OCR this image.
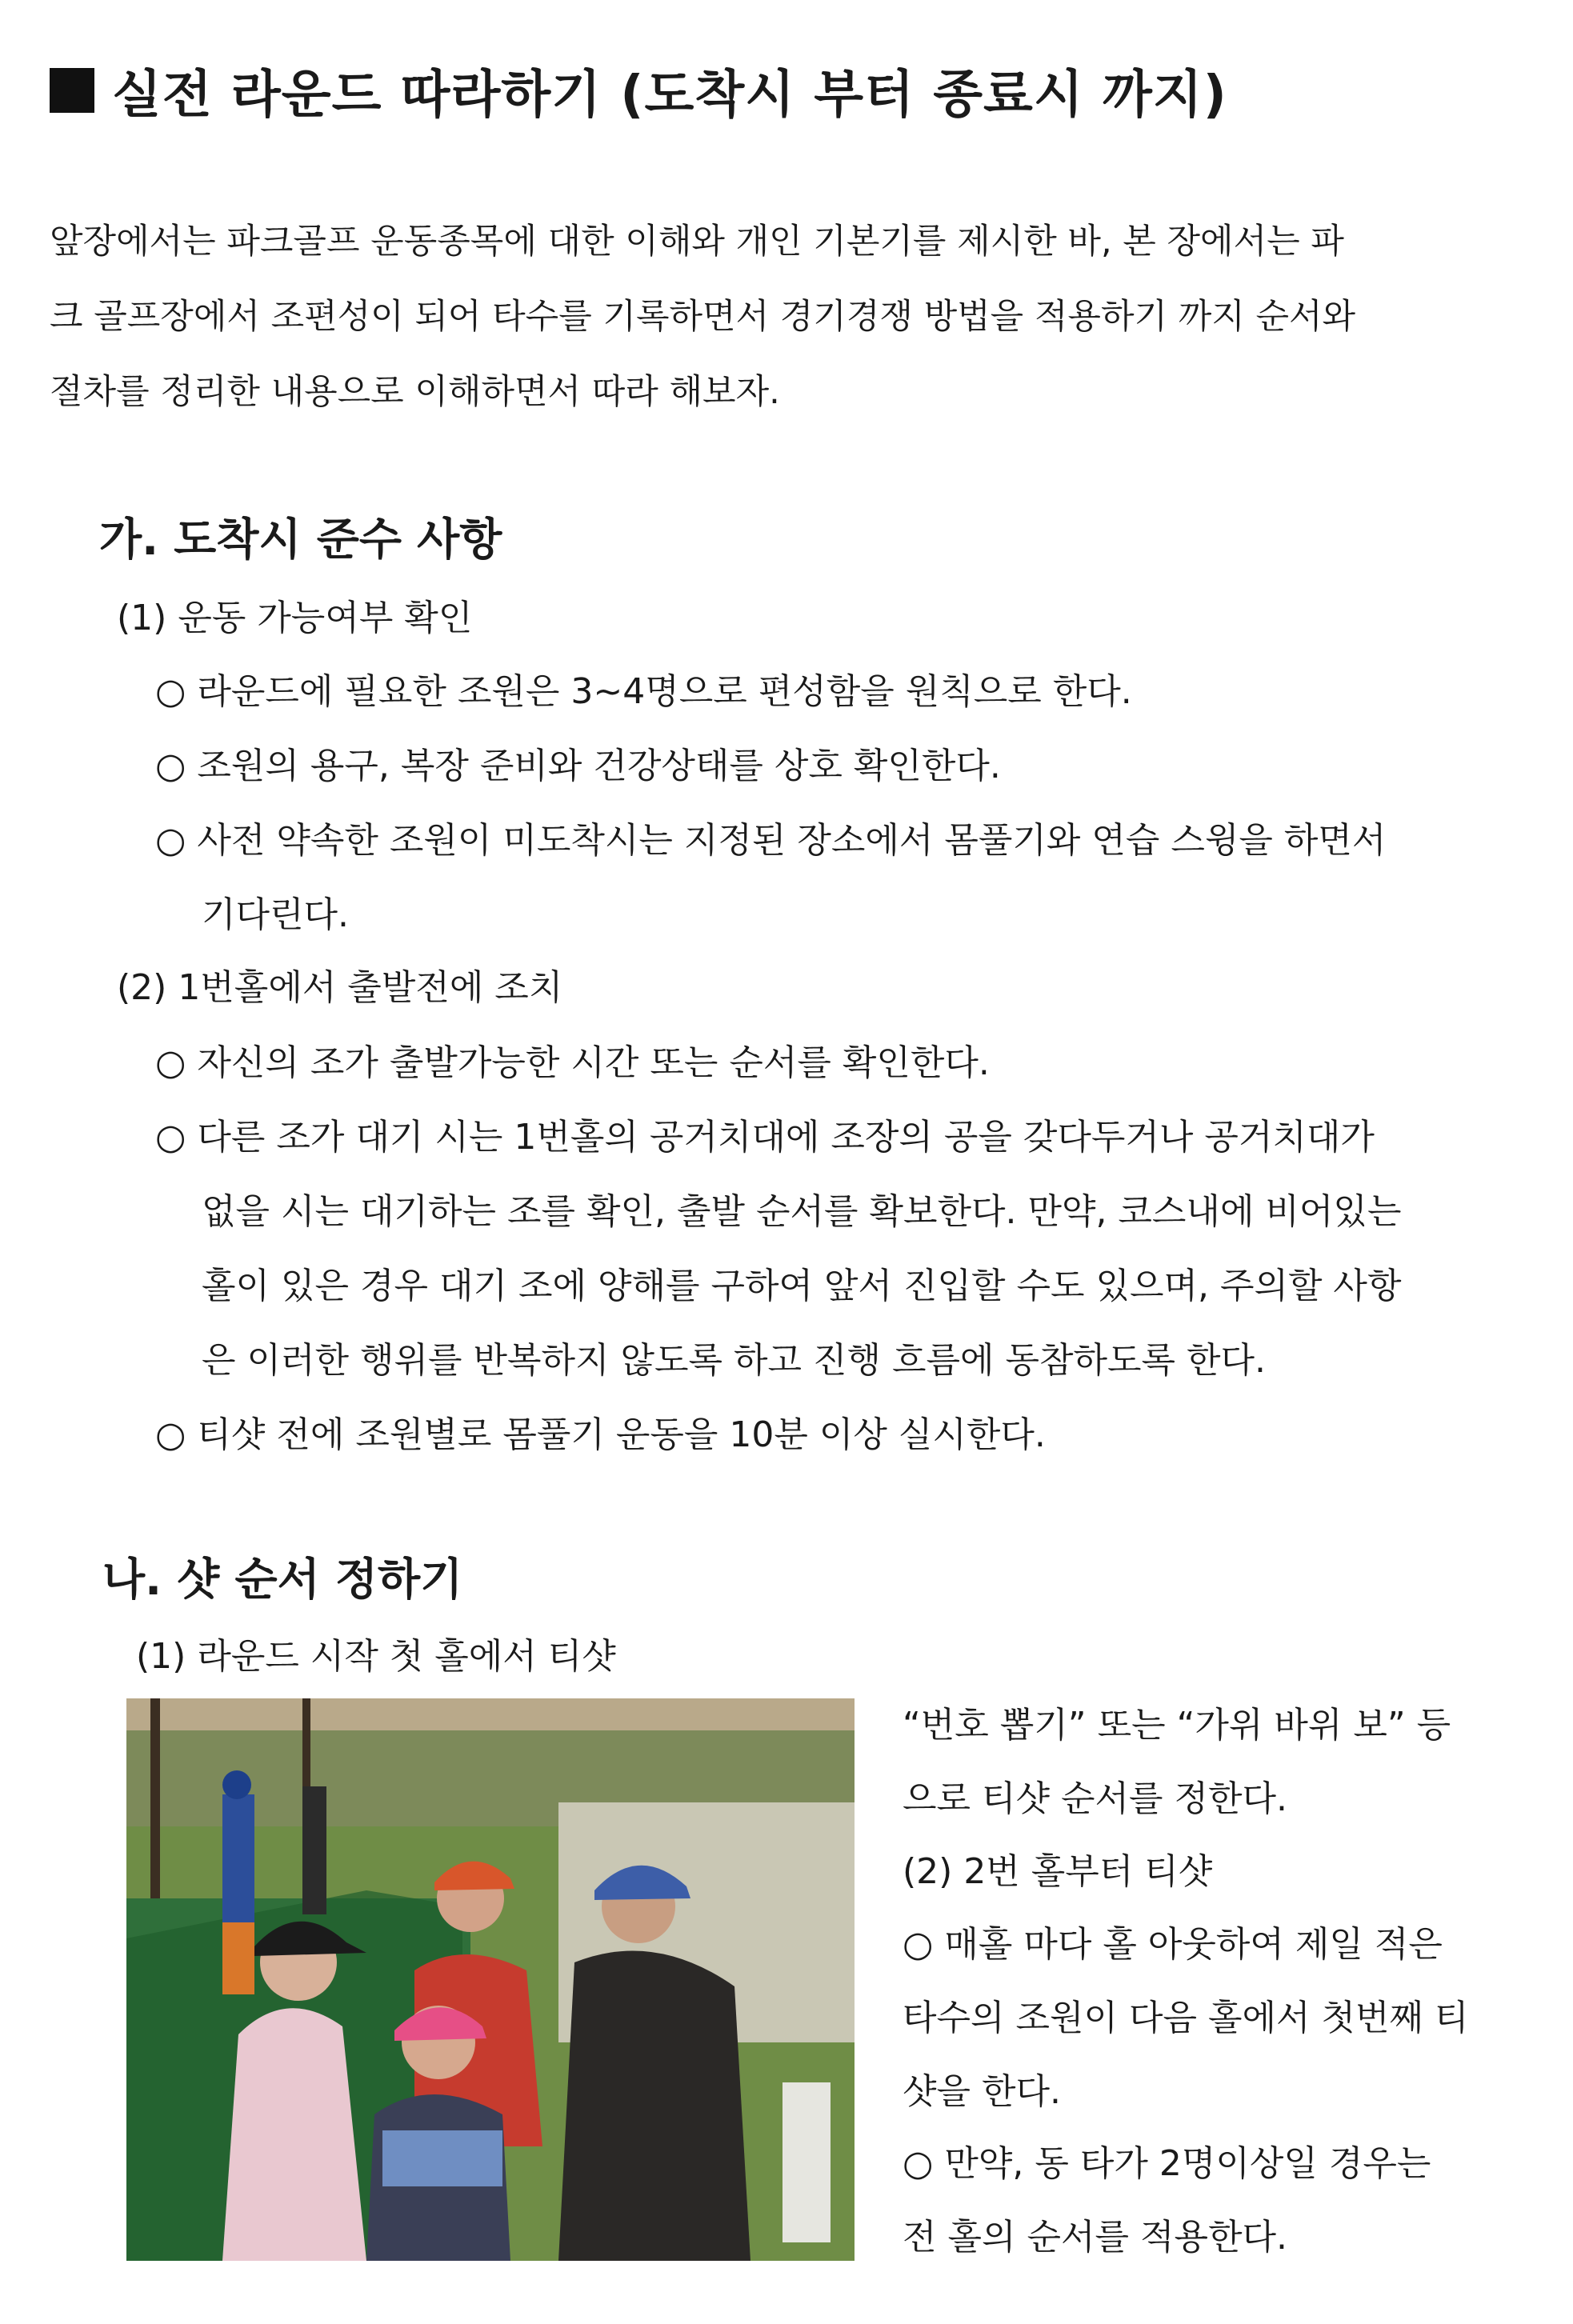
실전 라운드 따라하기 (도착시 부터 종료시 까지)
앞장에서는 파크골프 운동종목에 대한 이해와 개인 기본기를 제시한 바, 본 장에서는 파
크 골프장에서 조편성이 되어 타수를 기록하면서 경기경쟁 방법을 적용하기 까지 순서와
절차를 정리한 내용으로 이해하면서 따라 해보자.
가. 도착시 준수 사항
(1) 운동 가능여부 확인
○ 라운드에 필요한 조원은 3~4명으로 편성함을 원칙으로 한다.
○ 조원의 용구, 복장 준비와 건강상태를 상호 확인한다.
○ 사전 약속한 조원이 미도착시는 지정된 장소에서 몸풀기와 연습 스윙을 하면서
기다린다.
(2) 1번홀에서 출발전에 조치
○ 자신의 조가 출발가능한 시간 또는 순서를 확인한다.
○ 다른 조가 대기 시는 1번홀의 공거치대에 조장의 공을 갖다두거나 공거치대가
없을 시는 대기하는 조를 확인, 출발 순서를 확보한다. 만약, 코스내에 비어있는
홀이 있은 경우 대기 조에 양해를 구하여 앞서 진입할 수도 있으며, 주의할 사항
은 이러한 행위를 반복하지 않도록 하고 진행 흐름에 동참하도록 한다.
○ 티샷 전에 조원별로 몸풀기 운동을 10분 이상 실시한다.
나. 샷 순서 정하기
(1) 라운드 시작 첫 홀에서 티샷
“번호 뽑기” 또는 “가위 바위 보” 등
으로 티샷 순서를 정한다.
(2) 2번 홀부터 티샷
○ 매홀 마다 홀 아웃하여 제일 적은
타수의 조원이 다음 홀에서 첫번째 티
샷을 한다.
○ 만약, 동 타가 2명이상일 경우는
전 홀의 순서를 적용한다.
